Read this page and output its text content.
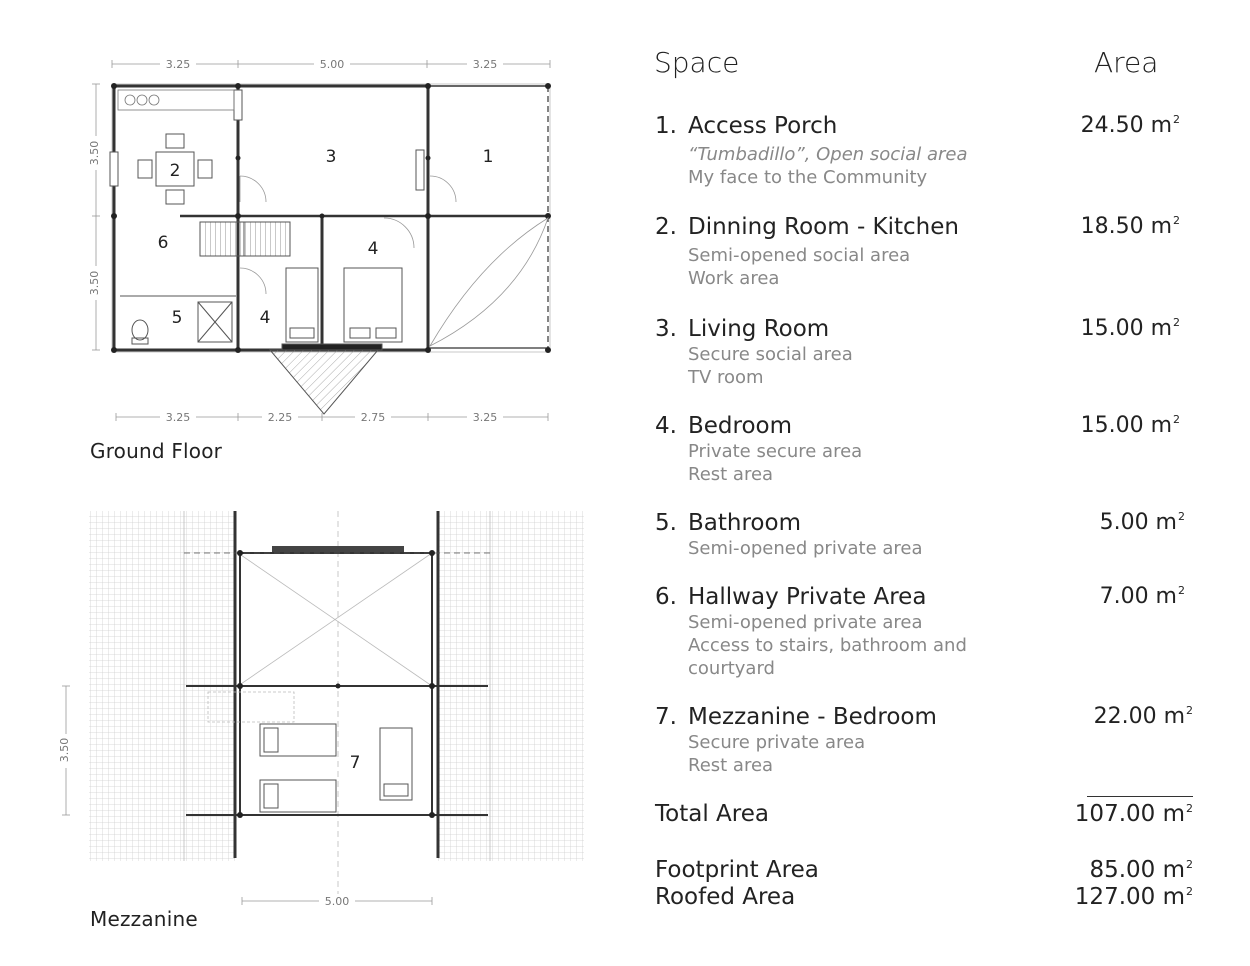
3.25	5.00	3.25
3.50
3.50
1
2
3
4
4
5
6
3.25	2.25	2.75	3.25
7
3.50
5.00
Ground Floor
Mezzanine
Space	Area
1. Access Porch	24.50 $m^2$
“Tumbadillo”, Open social area
My face to the Community
2. Dinning Room - Kitchen	18.50 $m^2$
Semi-opened social area
Work area
3. Living Room	15.00 $m^2$
Secure social area
TV room
4. Bedroom	15.00 $m^2$
Private secure area
Rest area
5. Bathroom	5.00 $m^2$
Semi-opened private area
6. Hallway Private Area	7.00 $m^2$
Semi-opened private area
Access to stairs, bathroom and
courtyard
7. Mezzanine - Bedroom	22.00 $m^2$
Secure private area
Rest area
Total Area	107.00 $m^2$
Footprint Area	85.00 $m^2$
Roofed Area	127.00 $m^2$
